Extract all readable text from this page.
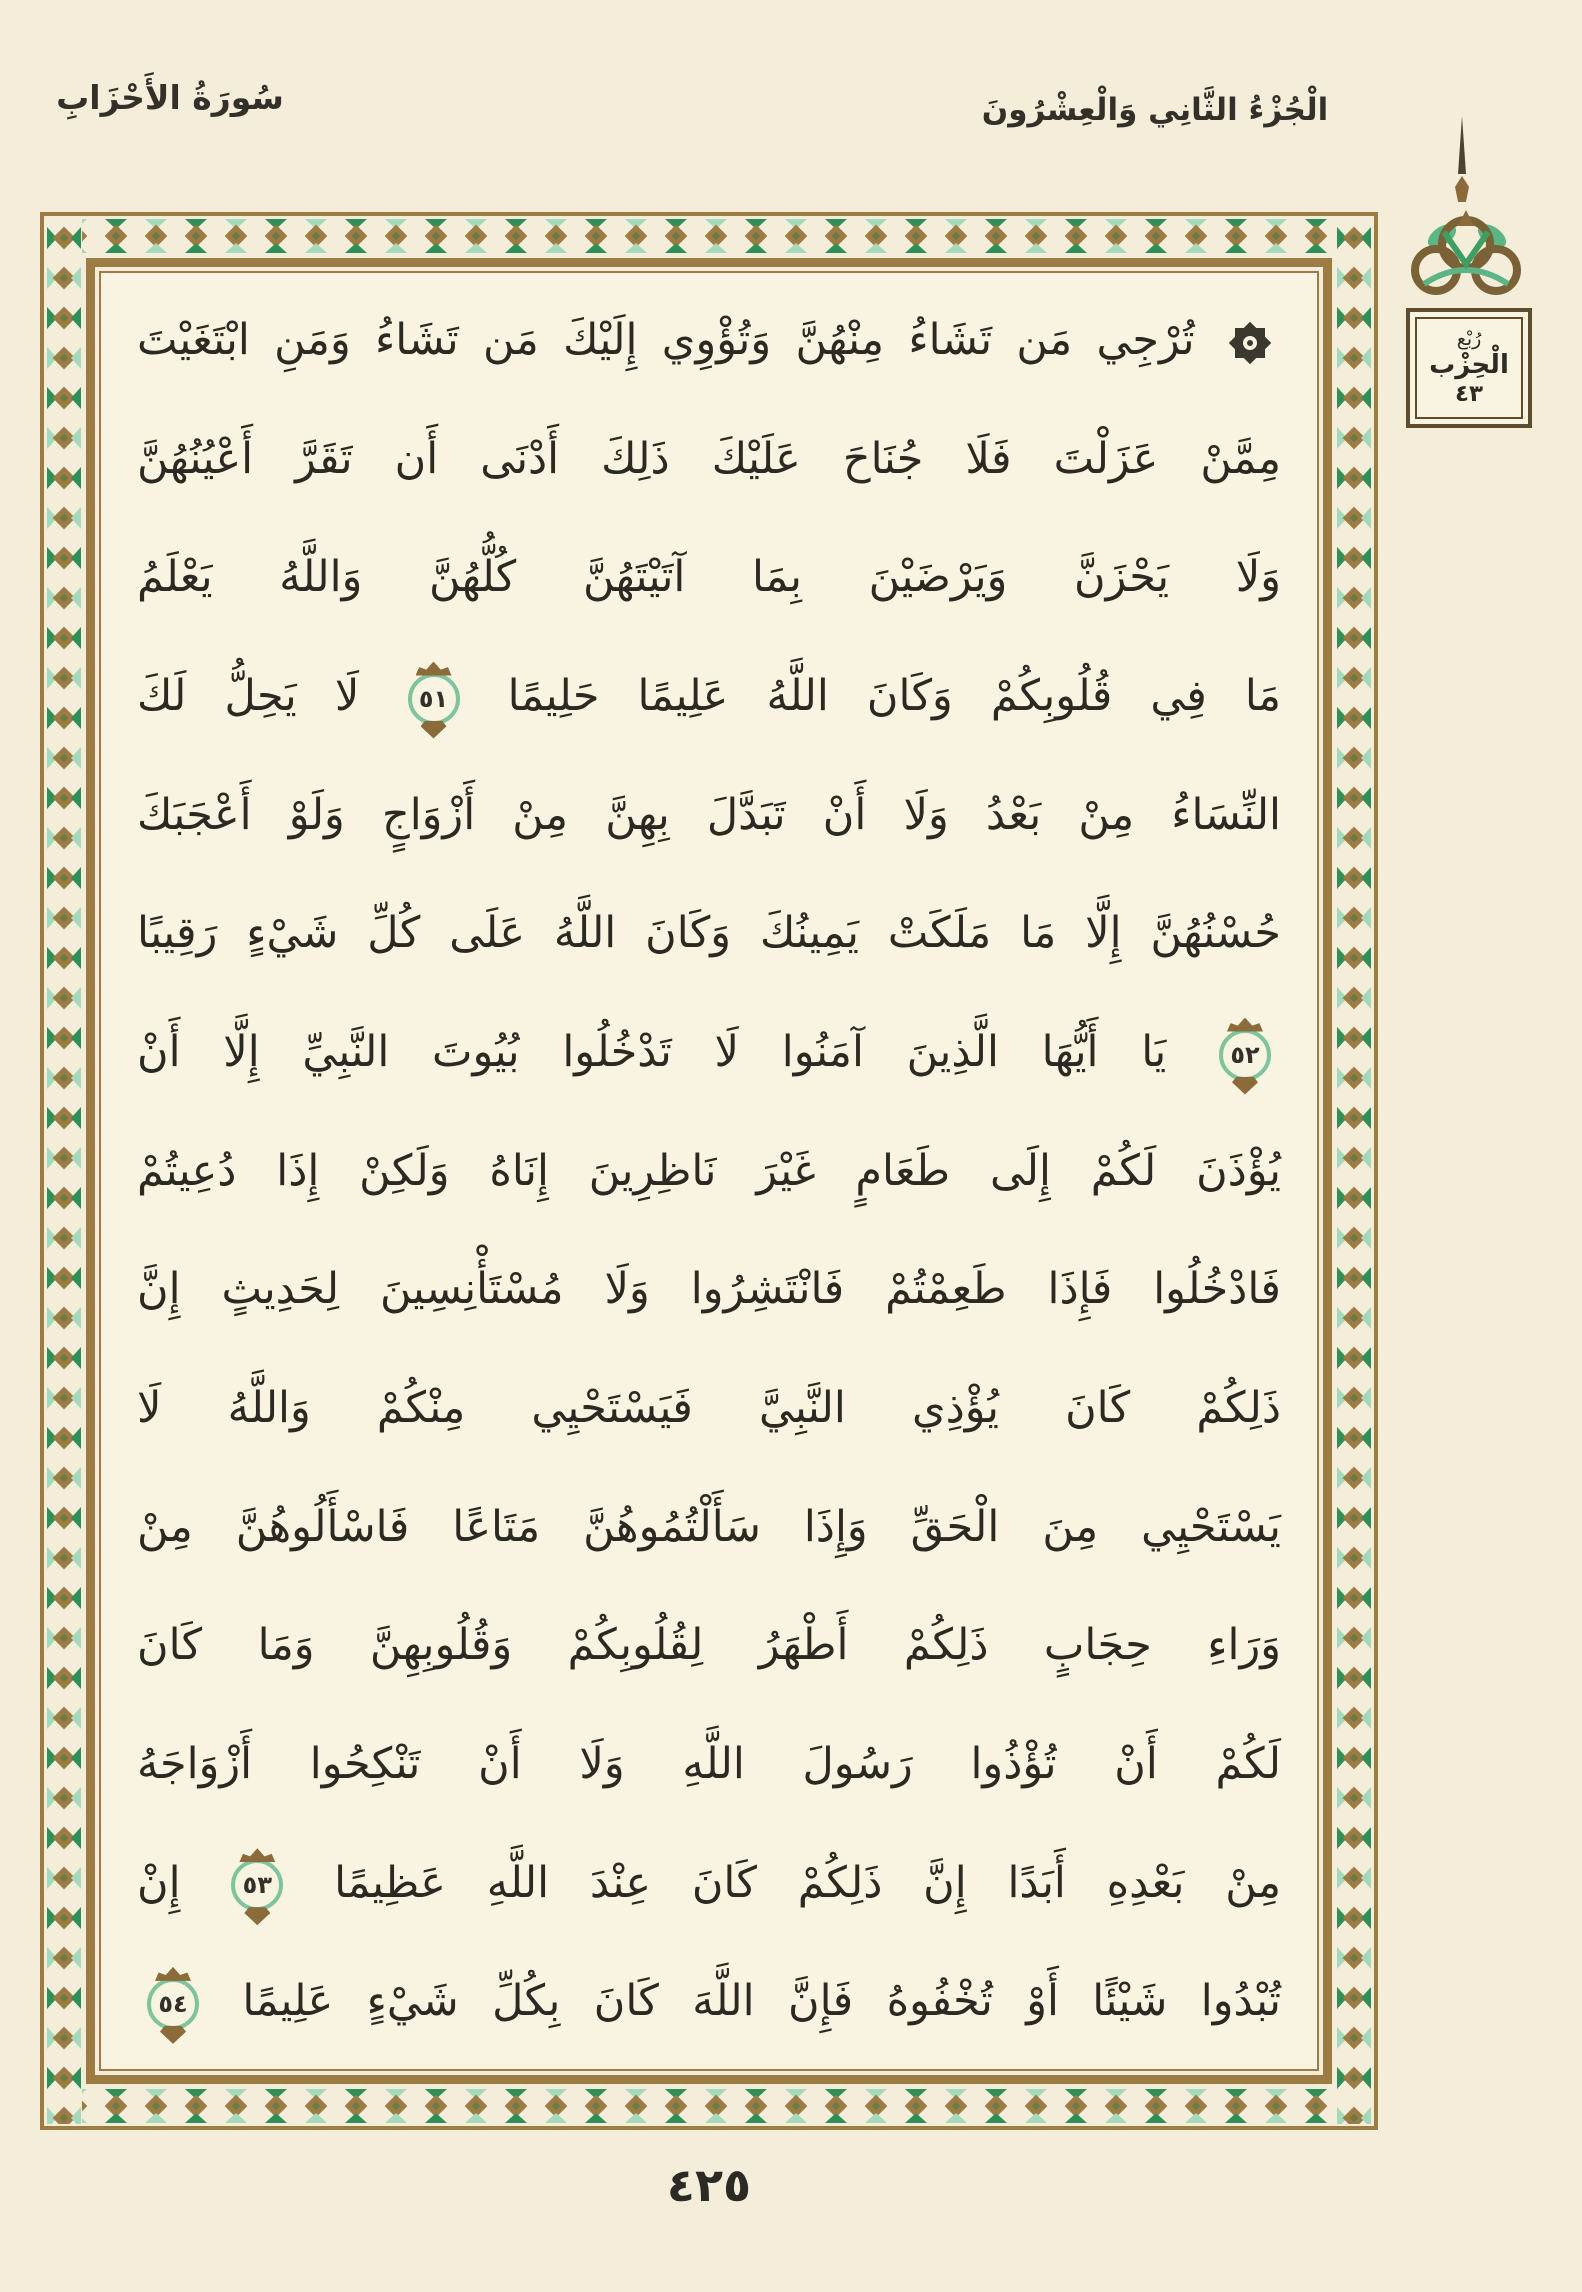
سُورَةُ الأَحْزَابِ	الْجُزْءُ الثَّانِي وَالْعِشْرُونَ
رُبْع
الْحِزْب
٤٣
تُرْجِي مَن تَشَاءُ مِنْهُنَّ وَتُؤْوِي إِلَيْكَ مَن تَشَاءُ وَمَنِ ابْتَغَيْتَ
مِمَّنْ عَزَلْتَ فَلَا جُنَاحَ عَلَيْكَ ذَلِكَ أَدْنَى أَن تَقَرَّ أَعْيُنُهُنَّ
وَلَا يَحْزَنَّ وَيَرْضَيْنَ بِمَا آتَيْتَهُنَّ كُلُّهُنَّ وَاللَّهُ يَعْلَمُ
مَا فِي قُلُوبِكُمْ وَكَانَ اللَّهُ عَلِيمًا حَلِيمًا
٥١
لَا يَحِلُّ لَكَ
النِّسَاءُ مِنْ بَعْدُ وَلَا أَنْ تَبَدَّلَ بِهِنَّ مِنْ أَزْوَاجٍ وَلَوْ أَعْجَبَكَ
حُسْنُهُنَّ إِلَّا مَا مَلَكَتْ يَمِينُكَ وَكَانَ اللَّهُ عَلَى كُلِّ شَيْءٍ رَقِيبًا
٥٢
يَا أَيُّهَا الَّذِينَ آمَنُوا لَا تَدْخُلُوا بُيُوتَ النَّبِيِّ إِلَّا أَنْ
يُؤْذَنَ لَكُمْ إِلَى طَعَامٍ غَيْرَ نَاظِرِينَ إِنَاهُ وَلَكِنْ إِذَا دُعِيتُمْ
فَادْخُلُوا فَإِذَا طَعِمْتُمْ فَانْتَشِرُوا وَلَا مُسْتَأْنِسِينَ لِحَدِيثٍ إِنَّ
ذَلِكُمْ كَانَ يُؤْذِي النَّبِيَّ فَيَسْتَحْيِي مِنْكُمْ وَاللَّهُ لَا
يَسْتَحْيِي مِنَ الْحَقِّ وَإِذَا سَأَلْتُمُوهُنَّ مَتَاعًا فَاسْأَلُوهُنَّ مِنْ
وَرَاءِ حِجَابٍ ذَلِكُمْ أَطْهَرُ لِقُلُوبِكُمْ وَقُلُوبِهِنَّ وَمَا كَانَ
لَكُمْ أَنْ تُؤْذُوا رَسُولَ اللَّهِ وَلَا أَنْ تَنْكِحُوا أَزْوَاجَهُ
مِنْ بَعْدِهِ أَبَدًا إِنَّ ذَلِكُمْ كَانَ عِنْدَ اللَّهِ عَظِيمًا
٥٣
إِنْ
تُبْدُوا شَيْئًا أَوْ تُخْفُوهُ فَإِنَّ اللَّهَ كَانَ بِكُلِّ شَيْءٍ عَلِيمًا
٥٤
٤٢٥
